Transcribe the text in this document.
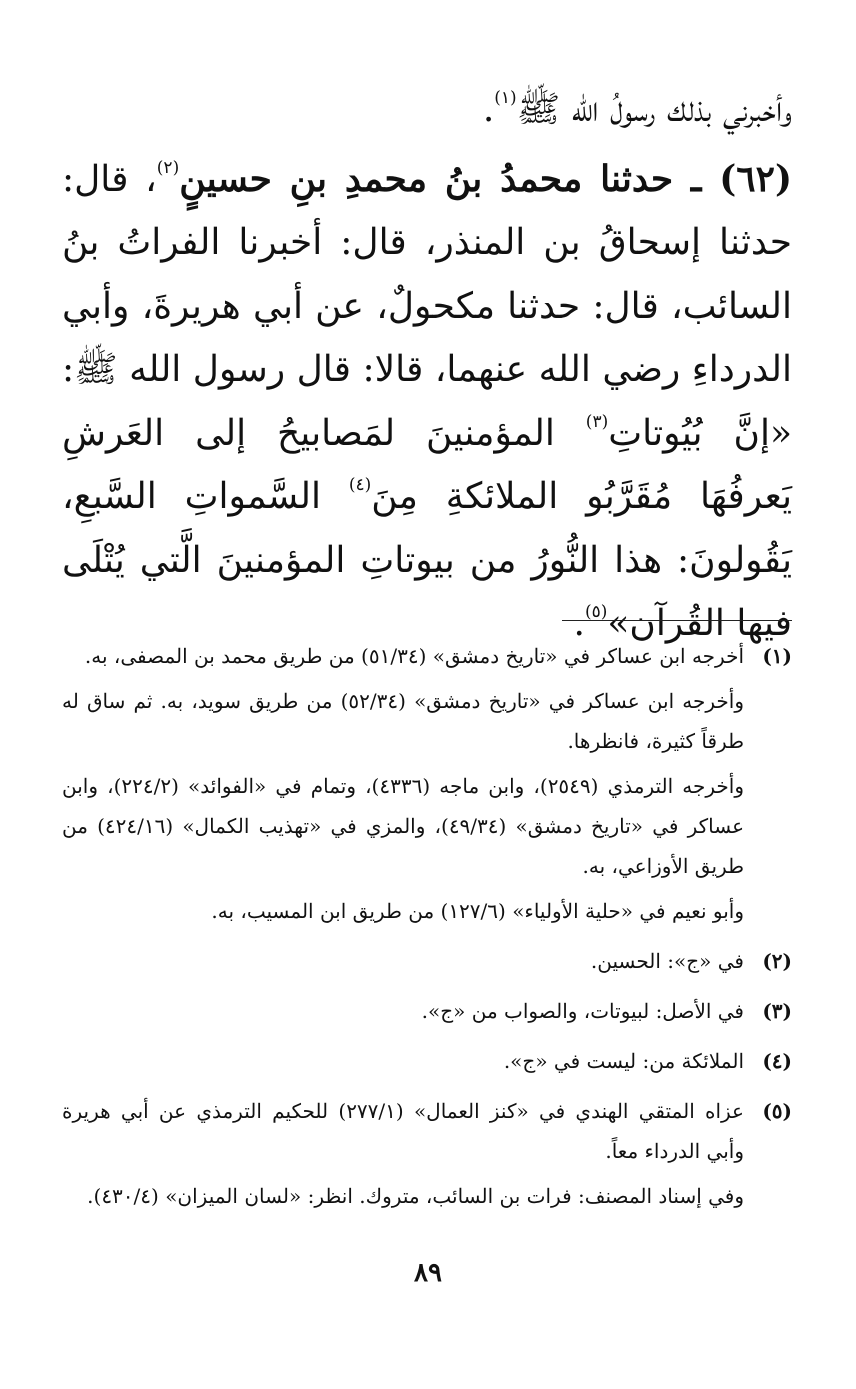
وأخبرني بذلك رسولُ الله ﷺ$^{(١)}$.

(٦٢) ـ حدثنا محمدُ بنُ محمدِ بنِ حسينٍ$^{(٢)}$، قال: حدثنا إسحاقُ بن المنذر، قال: أخبرنا الفراتُ بنُ السائب، قال: حدثنا مكحولٌ، عن أبي هريرةَ، وأبي الدرداءِ رضي الله عنهما، قالا: قال رسول الله ﷺ: «إنَّ بُيُوتاتِ$^{(٣)}$ المؤمنينَ لمَصابيحُ إلى العَرشِ يَعرفُهَا مُقَرَّبُو الملائكةِ مِنَ$^{(٤)}$ السَّمواتِ السَّبعِ، يَقُولونَ: هذا النُّورُ من بيوتاتِ المؤمنينَ الَّتي يُتْلَى فيها القُرآن»$^{(٥)}$.

(١)

أخرجه ابن عساكر في «تاريخ دمشق» (٥١/٣٤) من طريق محمد بن المصفى، به.

وأخرجه ابن عساكر في «تاريخ دمشق» (٥٢/٣٤) من طريق سويد، به. ثم ساق له طرقاً كثيرة، فانظرها.

وأخرجه الترمذي (٢٥٤٩)، وابن ماجه (٤٣٣٦)، وتمام في «الفوائد» (٢٢٤/٢)، وابن عساكر في «تاريخ دمشق» (٤٩/٣٤)، والمزي في «تهذيب الكمال» (٤٢٤/١٦) من طريق الأوزاعي، به.

وأبو نعيم في «حلية الأولياء» (١٢٧/٦) من طريق ابن المسيب، به.

(٢)

في «ج»: الحسين.

(٣)

في الأصل: لبيوتات، والصواب من «ج».

(٤)

الملائكة من: ليست في «ج».

(٥)

عزاه المتقي الهندي في «كنز العمال» (٢٧٧/١) للحكيم الترمذي عن أبي هريرة وأبي الدرداء معاً.

وفي إسناد المصنف: فرات بن السائب، متروك. انظر: «لسان الميزان» (٤٣٠/٤).

٨٩
